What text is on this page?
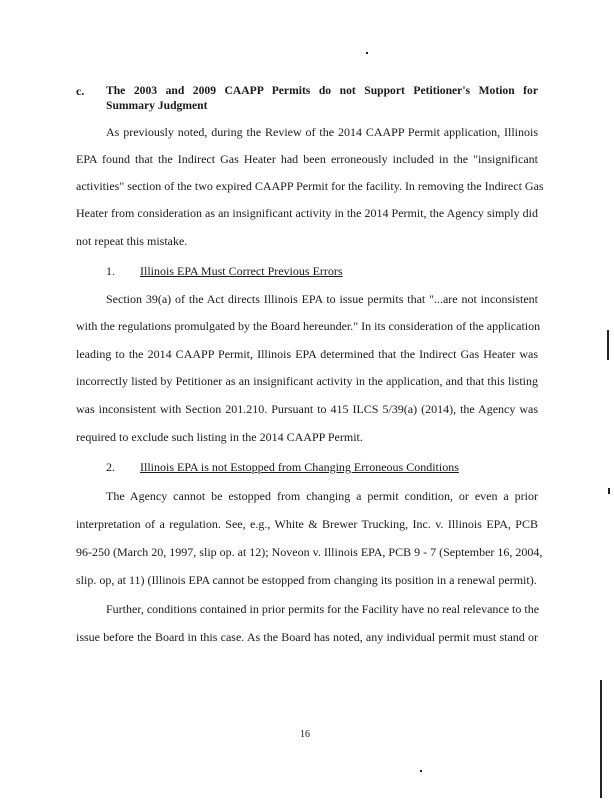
c. The 2003 and 2009 CAAPP Permits do not Support Petitioner's Motion for
Summary Judgment
As previously noted, during the Review of the 2014 CAAPP Permit application, Illinois
EPA found that the Indirect Gas Heater had been erroneously included in the "insignificant
activities" section of the two expired CAAPP Permit for the facility. In removing the Indirect Gas
Heater from consideration as an insignificant activity in the 2014 Permit, the Agency simply did
not repeat this mistake.
1. Illinois EPA Must Correct Previous Errors
Section 39(a) of the Act directs Illinois EPA to issue permits that "...are not inconsistent
with the regulations promulgated by the Board hereunder." In its consideration of the application
leading to the 2014 CAAPP Permit, Illinois EPA determined that the Indirect Gas Heater was
incorrectly listed by Petitioner as an insignificant activity in the application, and that this listing
was inconsistent with Section 201.210. Pursuant to 415 ILCS 5/39(a) (2014), the Agency was
required to exclude such listing in the 2014 CAAPP Permit.
2. Illinois EPA is not Estopped from Changing Erroneous Conditions
The Agency cannot be estopped from changing a permit condition, or even a prior
interpretation of a regulation. See, e.g., White & Brewer Trucking, Inc. v. Illinois EPA, PCB
96-250 (March 20, 1997, slip op. at 12); Noveon v. Illinois EPA, PCB 9 - 7 (September 16, 2004,
slip. op, at 11) (Illinois EPA cannot be estopped from changing its position in a renewal permit).
Further, conditions contained in prior permits for the Facility have no real relevance to the
issue before the Board in this case. As the Board has noted, any individual permit must stand or
16
